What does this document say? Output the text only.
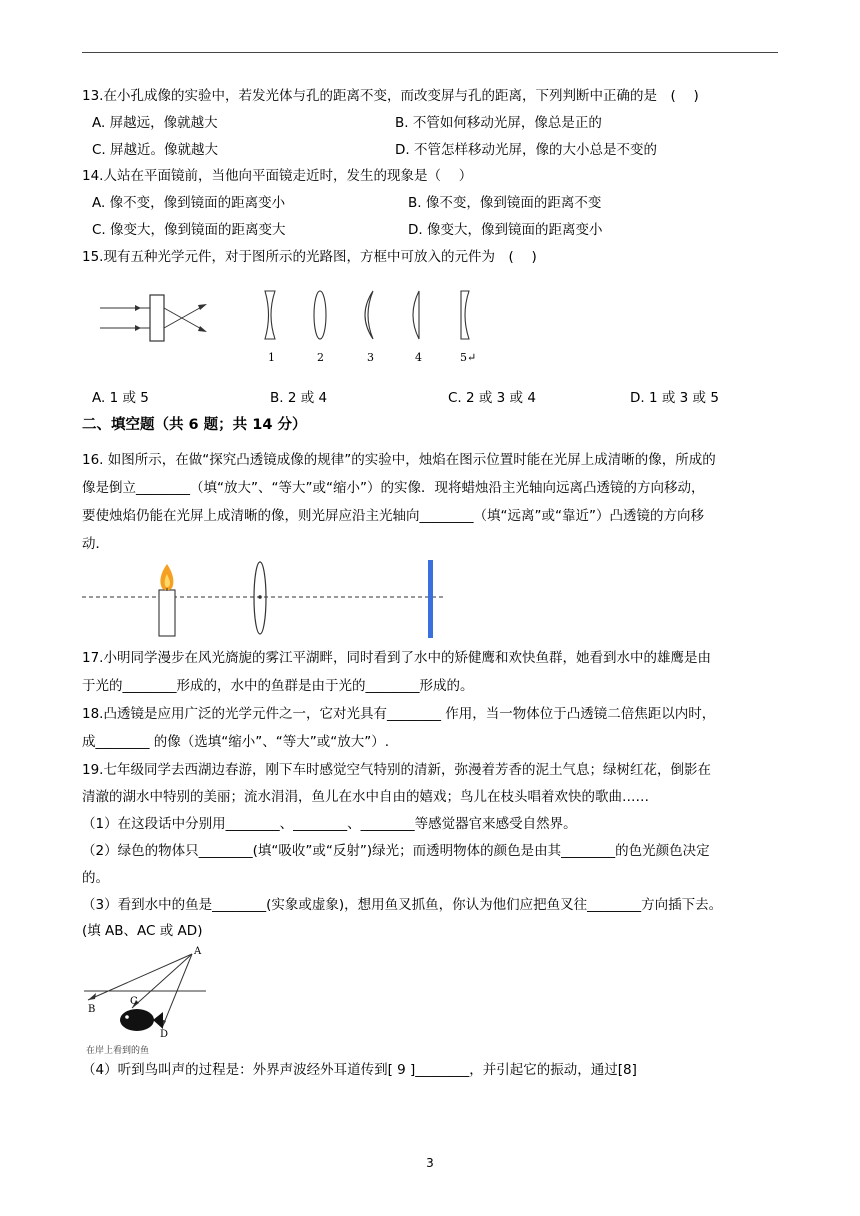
13.在小孔成像的实验中，若发光体与孔的距离不变，而改变屏与孔的距离，下列判断中正确的是　( 　)
A. 屏越远，像就越大	B. 不管如何移动光屏，像总是正的
C. 屏越近。像就越大	D. 不管怎样移动光屏，像的大小总是不变的
14.人站在平面镜前，当他向平面镜走近时，发生的现象是（　 ）
A. 像不变，像到镜面的距离变小	B. 像不变，像到镜面的距离不变
C. 像变大，像到镜面的距离变大	D. 像变大，像到镜面的距离变小
15.现有五种光学元件，对于图所示的光路图，方框中可放入的元件为　( 　)
1	2	3	4	5↵
A. 1 或 5	B. 2 或 4	C. 2 或 3 或 4	D. 1 或 3 或 5
二、填空题（共 6 题；共 14 分）
16. 如图所示，在做“探究凸透镜成像的规律”的实验中，烛焰在图示位置时能在光屏上成清晰的像，所成的
像是倒立________（填“放大”、“等大”或“缩小”）的实像．现将蜡烛沿主光轴向远离凸透镜的方向移动，
要使烛焰仍能在光屏上成清晰的像，则光屏应沿主光轴向________（填“远离”或“靠近”）凸透镜的方向移
动．
17.小明同学漫步在风光旖旎的雾江平湖畔，同时看到了水中的矫健鹰和欢快鱼群，她看到水中的雄鹰是由
于光的________形成的，水中的鱼群是由于光的________形成的。
18.凸透镜是应用广泛的光学元件之一，它对光具有________ 作用，当一物体位于凸透镜二倍焦距以内时，
成________ 的像（选填“缩小”、“等大”或“放大”）.
19.七年级同学去西湖边春游，刚下车时感觉空气特别的清新，弥漫着芳香的泥土气息；绿树红花，倒影在
清澈的湖水中特别的美丽；流水涓涓，鱼儿在水中自由的嬉戏；鸟儿在枝头唱着欢快的歌曲……
（1）在这段话中分别用________、________、________等感觉器官来感受自然界。
（2）绿色的物体只________(填“吸收”或“反射”)绿光；而透明物体的颜色是由其________的色光颜色决定
的。
（3）看到水中的鱼是________(实象或虚象)，想用鱼叉抓鱼，你认为他们应把鱼叉往________方向插下去。
(填 AB、AC 或 AD)
A
B
C
D
在岸上看到的鱼
（4）听到鸟叫声的过程是：外界声波经外耳道传到[ 9 ]________，并引起它的振动，通过[8]
3
